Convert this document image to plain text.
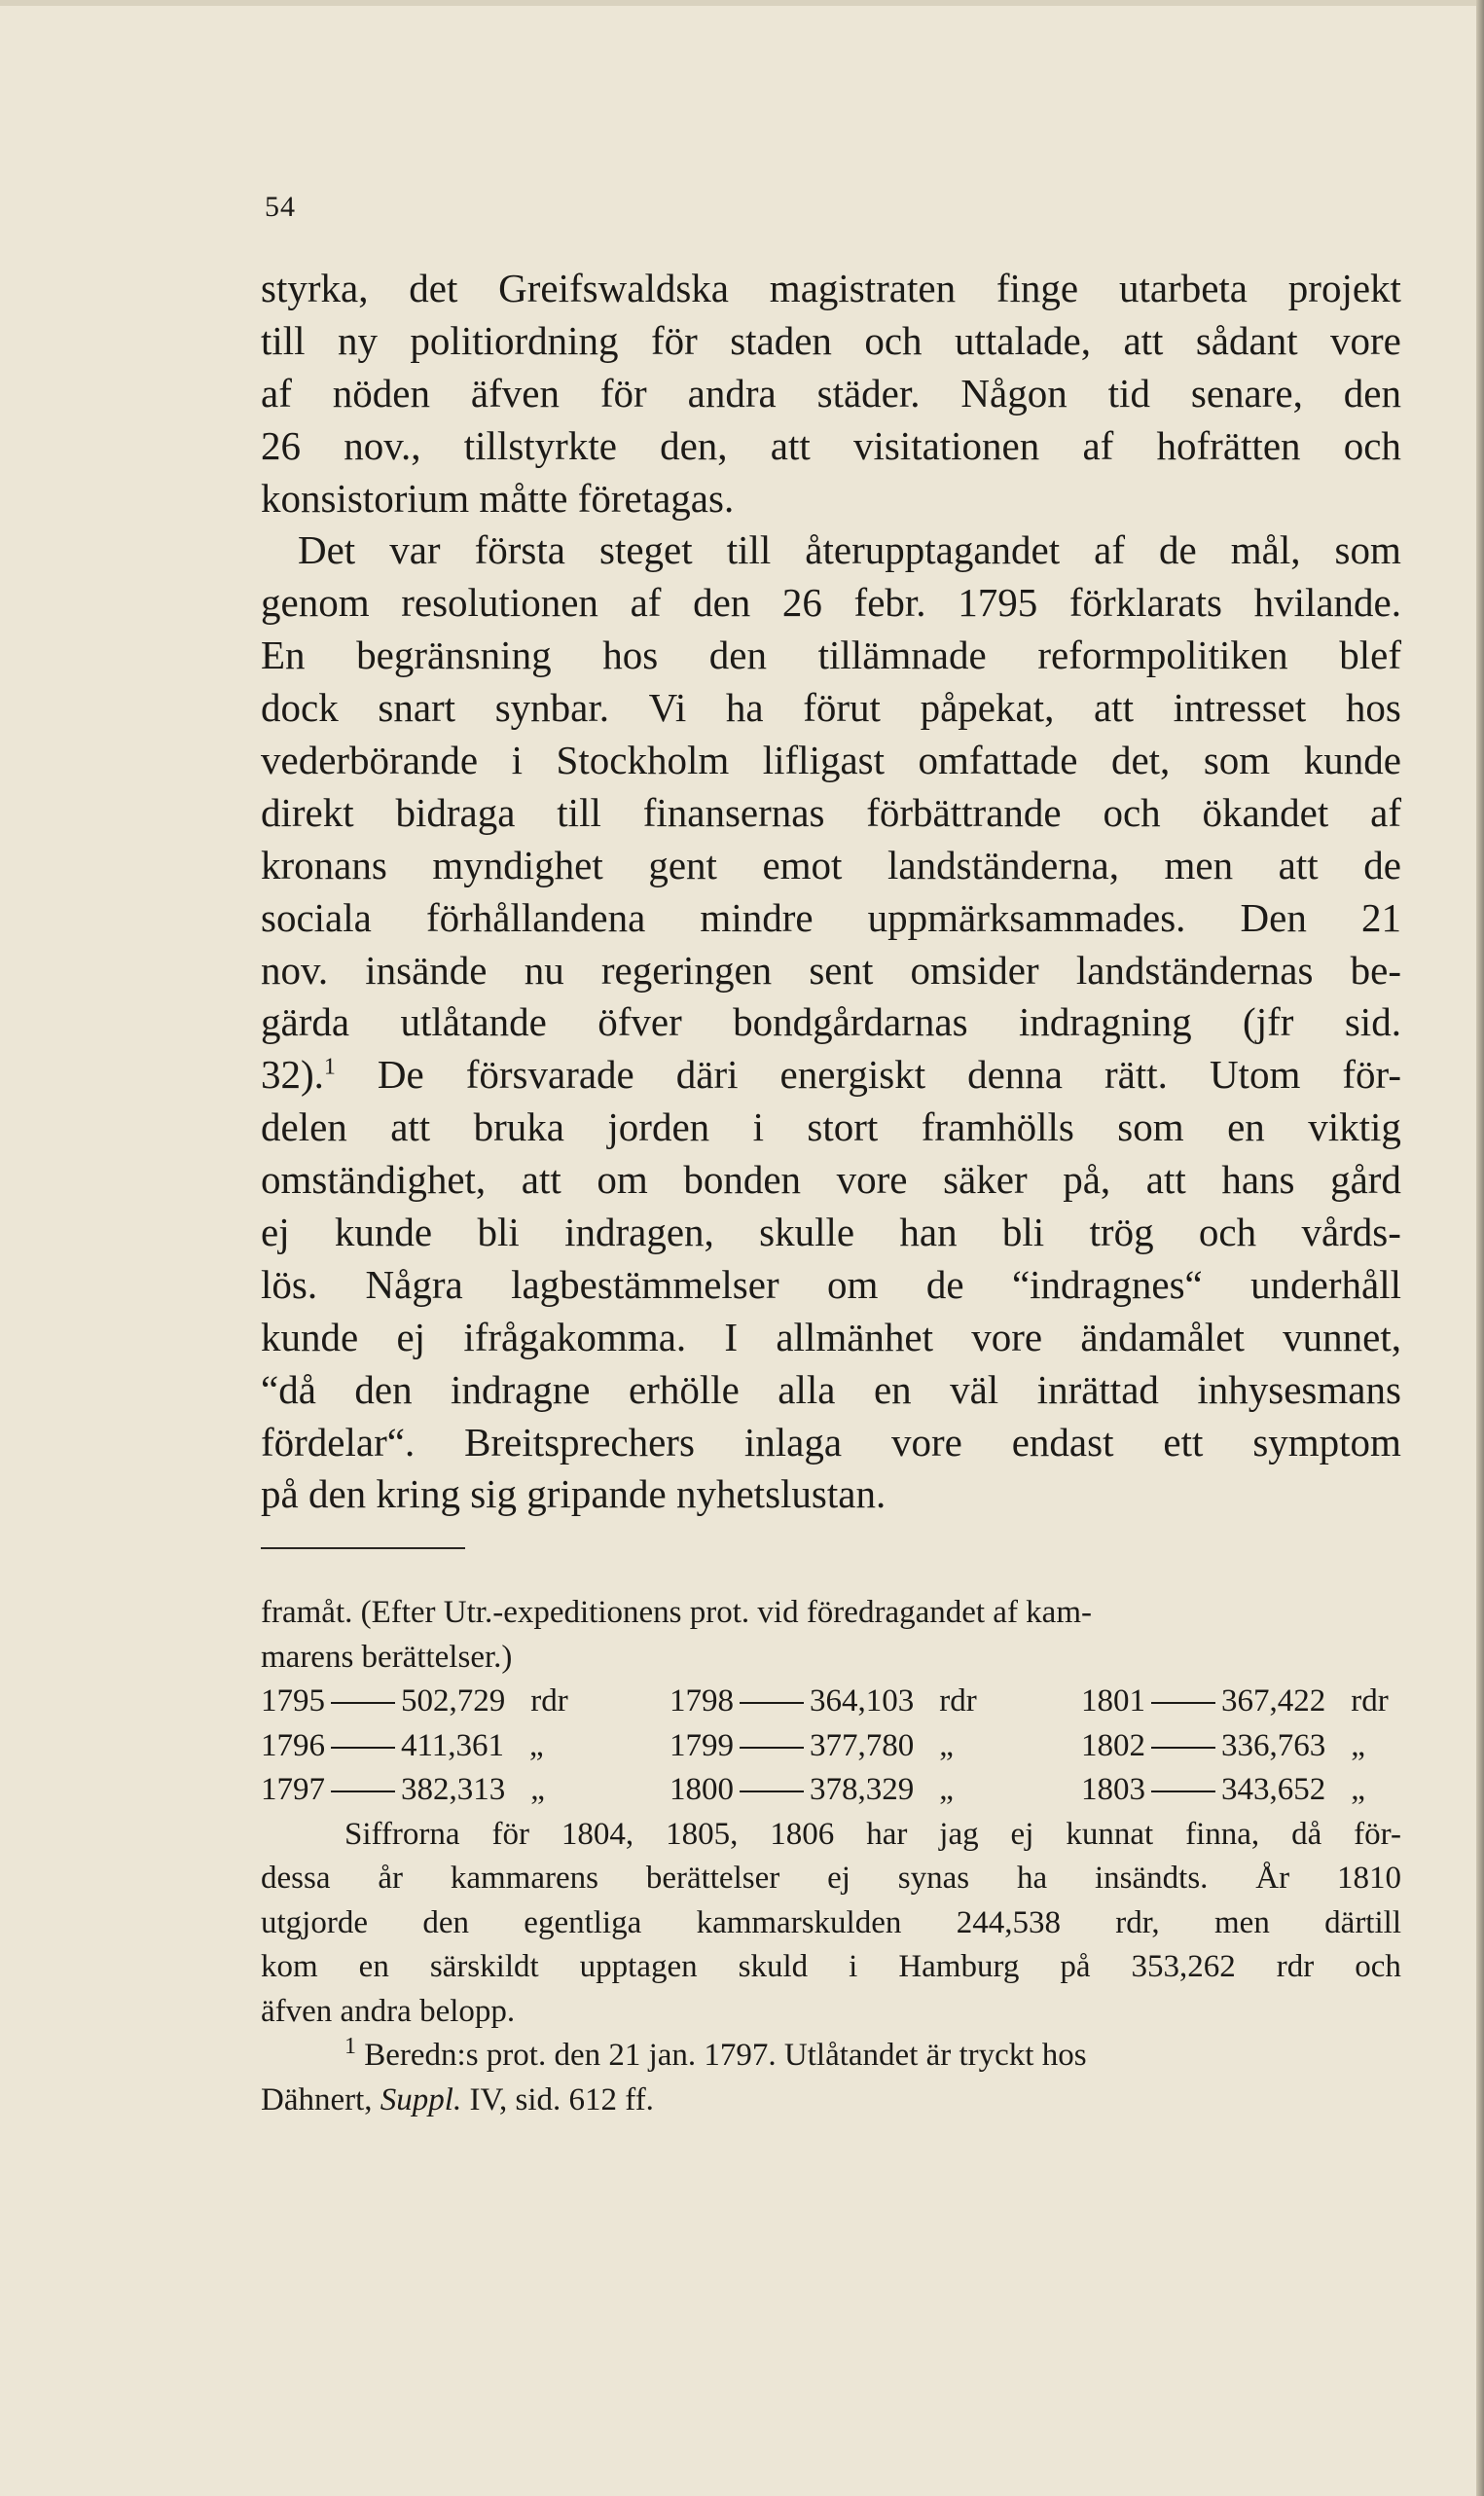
54
styrka, det Greifswaldska magistraten finge utarbeta projekt
till ny politiordning för staden och uttalade, att sådant vore
af nöden äfven för andra städer. Någon tid senare, den
26 nov., tillstyrkte den, att visitationen af hofrätten och
konsistorium måtte företagas.
Det var första steget till återupptagandet af de mål, som
genom resolutionen af den 26 febr. 1795 förklarats hvilande.
En begränsning hos den tillämnade reformpolitiken blef
dock snart synbar. Vi ha förut påpekat, att intresset hos
vederbörande i Stockholm lifligast omfattade det, som kunde
direkt bidraga till finansernas förbättrande och ökandet af
kronans myndighet gent emot landständerna, men att de
sociala förhållandena mindre uppmärksammades. Den 21
nov. insände nu regeringen sent omsider landständernas be-
gärda utlåtande öfver bondgårdarnas indragning (jfr sid.
32).$^1$ De försvarade däri energiskt denna rätt. Utom för-
delen att bruka jorden i stort framhölls som en viktig
omständighet, att om bonden vore säker på, att hans gård
ej kunde bli indragen, skulle han bli trög och vårds-
lös. Några lagbestämmelser om de “indragnes“ underhåll
kunde ej ifrågakomma. I allmänhet vore ändamålet vunnet,
“då den indragne erhölle alla en väl inrättad inhysesmans
fördelar“. Breitsprechers inlaga vore endast ett symptom
på den kring sig gripande nyhetslustan.
framåt. (Efter Utr.-expeditionens prot. vid föredragandet af kam-
marens berättelser.)
1795 502,729 rdr	1798 364,103 rdr	1801 367,422 rdr
1796 411,361 „	1799 377,780 „	1802 336,763 „
1797 382,313 „	1800 378,329 „	1803 343,652 „
Siffrorna för 1804, 1805, 1806 har jag ej kunnat finna, då för-
dessa år kammarens berättelser ej synas ha insändts. År 1810
utgjorde den egentliga kammarskulden 244,538 rdr, men därtill
kom en särskildt upptagen skuld i Hamburg på 353,262 rdr och
äfven andra belopp.
$^1$ Beredn:s prot. den 21 jan. 1797. Utlåtandet är tryckt hos
Dähnert,
Suppl.
IV, sid. 612 ff.
